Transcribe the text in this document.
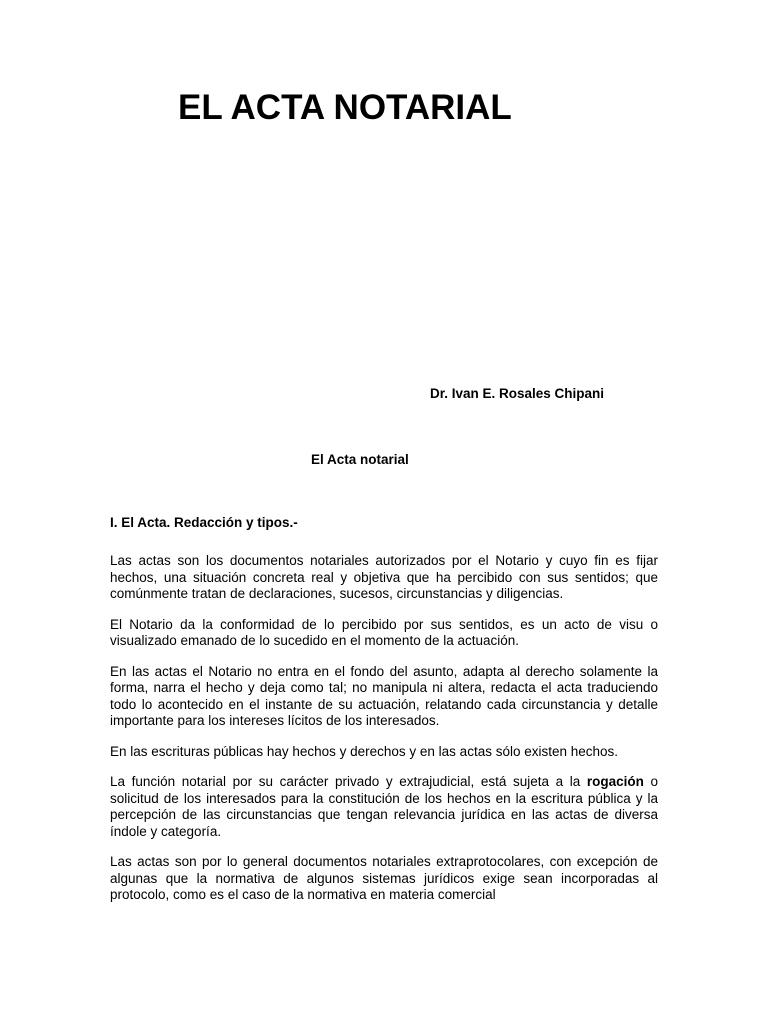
EL ACTA NOTARIAL
Dr. Ivan E. Rosales Chipani
El Acta notarial
I. El Acta. Redacción y tipos.-

Las actas son los documentos notariales autorizados por el Notario y cuyo fin es fijar hechos, una situación concreta real y objetiva que ha percibido con sus sentidos; que comúnmente tratan de declaraciones, sucesos, circunstancias y diligencias.

El Notario da la conformidad de lo percibido por sus sentidos, es un acto de visu o visualizado emanado de lo sucedido en el momento de la actuación.

En las actas el Notario no entra en el fondo del asunto, adapta al derecho solamente la forma, narra el hecho y deja como tal; no manipula ni altera, redacta el acta traduciendo todo lo acontecido en el instante de su actuación, relatando cada circunstancia y detalle importante para los intereses lícitos de los interesados.

En las escrituras públicas hay hechos y derechos y en las actas sólo existen hechos.

La función notarial por su carácter privado y extrajudicial, está sujeta a la rogación o solicitud de los interesados para la constitución de los hechos en la escritura pública y la percepción de las circunstancias que tengan relevancia jurídica en las actas de diversa índole y categoría.

Las actas son por lo general documentos notariales extraprotocolares, con excepción de algunas que la normativa de algunos sistemas jurídicos exige sean incorporadas al protocolo, como es el caso de la normativa en materia comercial
